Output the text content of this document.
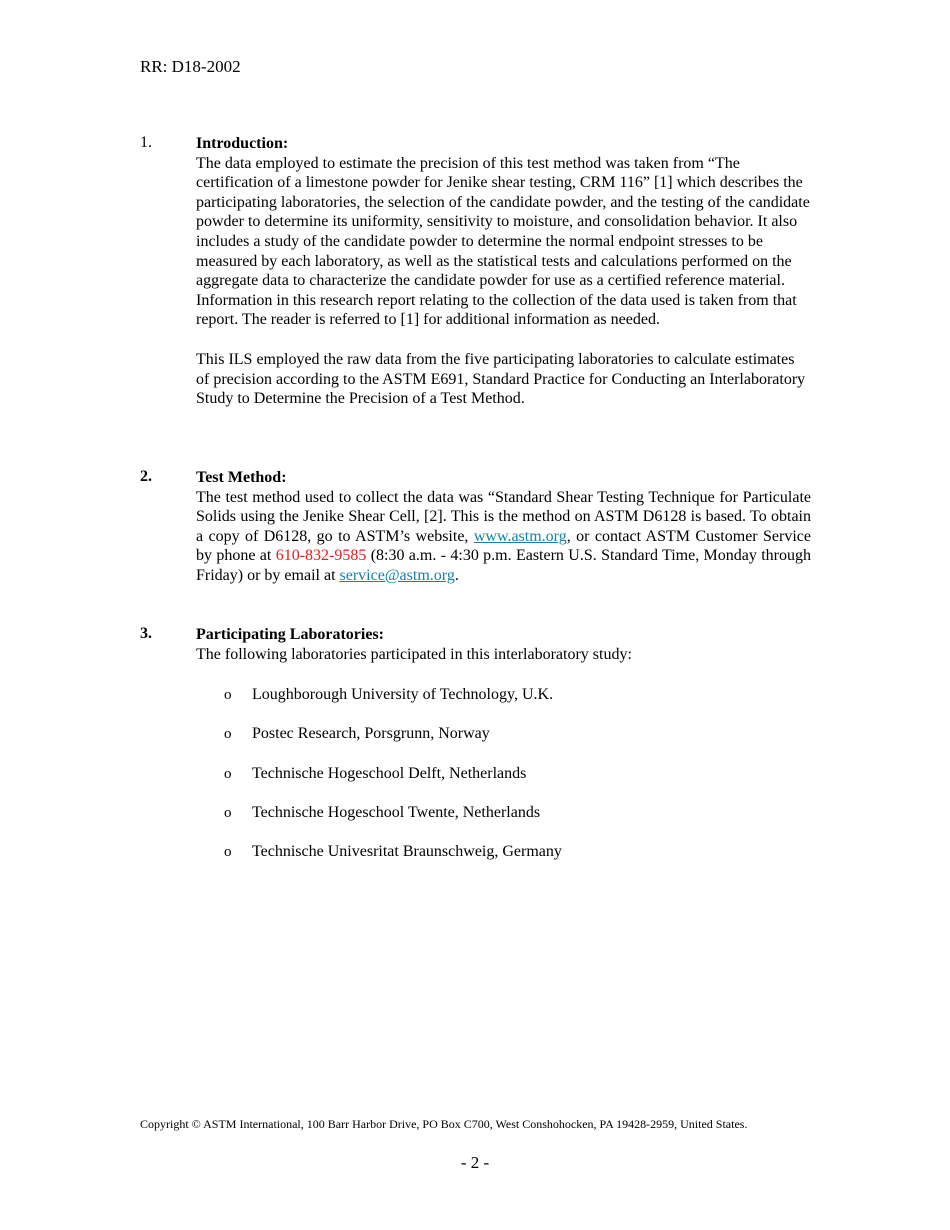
RR: D18-2002
1.	Introduction:

The data employed to estimate the precision of this test method was taken from “The certification of a limestone powder for Jenike shear testing, CRM 116” [1] which describes the participating laboratories, the selection of the candidate powder, and the testing of the candidate powder to determine its uniformity, sensitivity to moisture, and consolidation behavior. It also includes a study of the candidate powder to determine the normal endpoint stresses to be measured by each laboratory, as well as the statistical tests and calculations performed on the aggregate data to characterize the candidate powder for use as a certified reference material. Information in this research report relating to the collection of the data used is taken from that report. The reader is referred to [1] for additional information as needed.

This ILS employed the raw data from the five participating laboratories to calculate estimates of precision according to the ASTM E691, Standard Practice for Conducting an Interlaboratory Study to Determine the Precision of a Test Method.

2.	Test Method:

The test method used to collect the data was “Standard Shear Testing Technique for Particulate Solids using the Jenike Shear Cell, [2]. This is the method on ASTM D6128 is based. To obtain a copy of D6128, go to ASTM’s website, www.astm.org, or contact ASTM Customer Service by phone at 610-832-9585 (8:30 a.m. - 4:30 p.m. Eastern U.S. Standard Time, Monday through Friday) or by email at service@astm.org.

3.	Participating Laboratories:

The following laboratories participated in this interlaboratory study:

o Loughborough University of Technology, U.K.
o Postec Research, Porsgrunn, Norway
o Technische Hogeschool Delft, Netherlands
o Technische Hogeschool Twente, Netherlands
o Technische Univesritat Braunschweig, Germany
Copyright © ASTM International, 100 Barr Harbor Drive, PO Box C700, West Conshohocken, PA 19428-2959, United States.
- 2 -
